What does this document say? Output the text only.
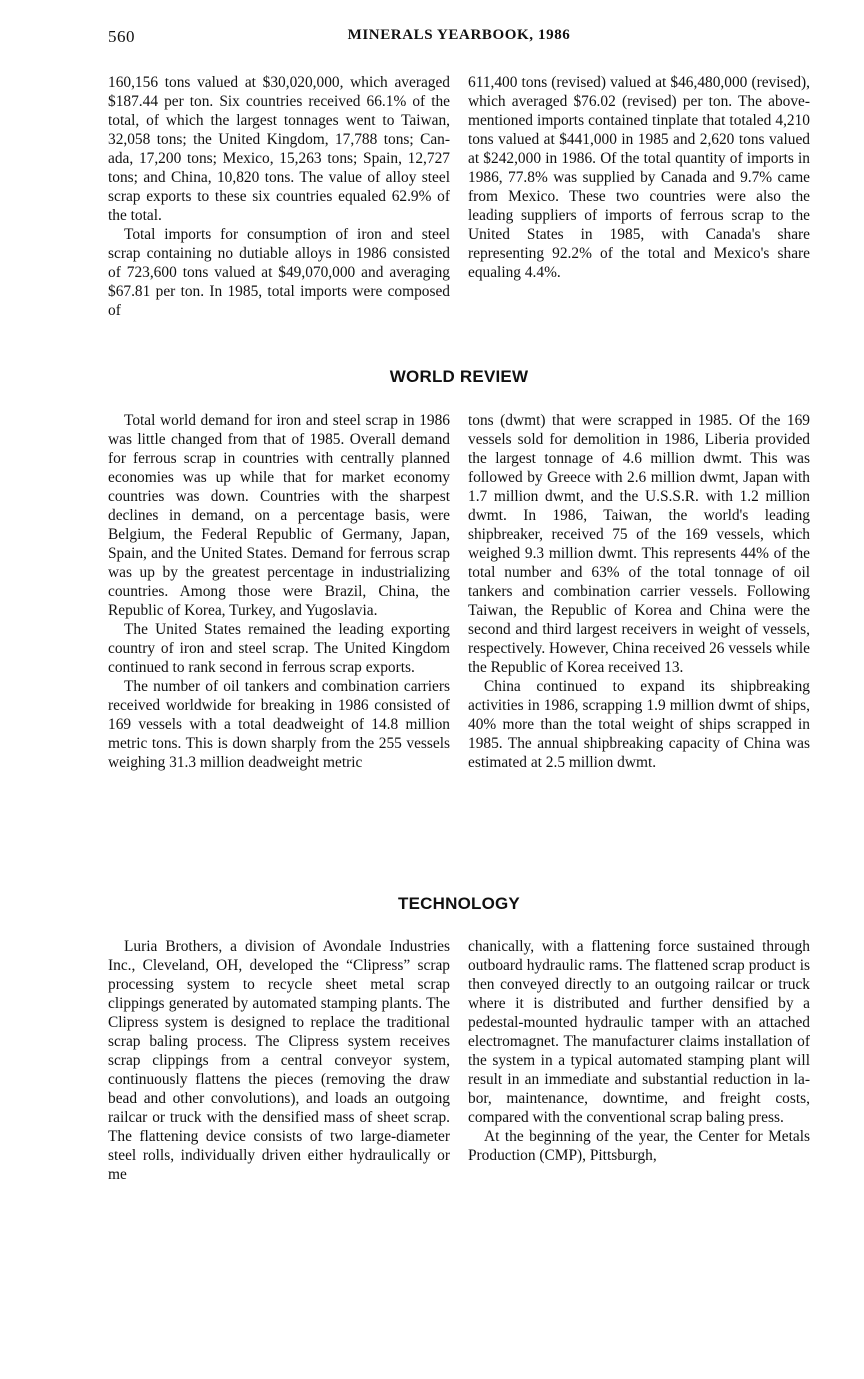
560	MINERALS YEARBOOK, 1986

160,156 tons valued at $30,020,000, which averaged $187.44 per ton. Six countries received 66.1% of the total, of which the largest tonnages went to Taiwan, 32,058 tons; the United Kingdom, 17,788 tons; Canada, 17,200 tons; Mexico, 15,263 tons; Spain, 12,727 tons; and China, 10,820 tons. The value of alloy steel scrap exports to these six countries equaled 62.9% of the total.

Total imports for consumption of iron and steel scrap containing no dutiable alloys in 1986 consisted of 723,600 tons valued at $49,070,000 and averaging $67.81 per ton. In 1985, total imports were composed of

611,400 tons (revised) valued at $46,480,000 (revised), which averaged $76.02 (revised) per ton. The above-mentioned imports contained tinplate that totaled 4,210 tons valued at $441,000 in 1985 and 2,620 tons valued at $242,000 in 1986. Of the total quantity of imports in 1986, 77.8% was supplied by Canada and 9.7% came from Mexico. These two countries were also the leading suppliers of imports of ferrous scrap to the United States in 1985, with Canada's share representing 92.2% of the total and Mexico's share equaling 4.4%.

WORLD REVIEW

Total world demand for iron and steel scrap in 1986 was little changed from that of 1985. Overall demand for ferrous scrap in countries with centrally planned economies was up while that for market economy countries was down. Countries with the sharpest declines in demand, on a percentage basis, were Belgium, the Federal Republic of Germany, Japan, Spain, and the United States. Demand for ferrous scrap was up by the greatest percentage in industrializing countries. Among those were Brazil, China, the Republic of Korea, Turkey, and Yugoslavia.

The United States remained the leading exporting country of iron and steel scrap. The United Kingdom continued to rank second in ferrous scrap exports.

The number of oil tankers and combination carriers received worldwide for breaking in 1986 consisted of 169 vessels with a total deadweight of 14.8 million metric tons. This is down sharply from the 255 vessels weighing 31.3 million deadweight metric

tons (dwmt) that were scrapped in 1985. Of the 169 vessels sold for demolition in 1986, Liberia provided the largest tonnage of 4.6 million dwmt. This was followed by Greece with 2.6 million dwmt, Japan with 1.7 million dwmt, and the U.S.S.R. with 1.2 million dwmt. In 1986, Taiwan, the world's leading shipbreaker, received 75 of the 169 vessels, which weighed 9.3 million dwmt. This represents 44% of the total number and 63% of the total tonnage of oil tankers and combination carrier vessels. Following Taiwan, the Republic of Korea and China were the second and third largest receivers in weight of vessels, respectively. However, China received 26 vessels while the Republic of Korea received 13.

China continued to expand its shipbreaking activities in 1986, scrapping 1.9 million dwmt of ships, 40% more than the total weight of ships scrapped in 1985. The annual shipbreaking capacity of China was estimated at 2.5 million dwmt.

TECHNOLOGY

Luria Brothers, a division of Avondale Industries Inc., Cleveland, OH, developed the “Clipress” scrap processing system to recycle sheet metal scrap clippings generated by automated stamping plants. The Clipress system is designed to replace the traditional scrap baling process. The Clipress system receives scrap clippings from a central conveyor system, continuously flattens the pieces (removing the draw bead and other convolutions), and loads an outgoing railcar or truck with the densified mass of sheet scrap. The flattening device consists of two large-diameter steel rolls, individually driven either hydraulically or me

chanically, with a flattening force sustained through outboard hydraulic rams. The flattened scrap product is then conveyed directly to an outgoing railcar or truck where it is distributed and further densified by a pedestal-mounted hydraulic tamper with an attached electromagnet. The manufacturer claims installation of the system in a typical automated stamping plant will result in an immediate and substantial reduction in labor, maintenance, downtime, and freight costs, compared with the conventional scrap baling press.

At the beginning of the year, the Center for Metals Production (CMP), Pittsburgh,
